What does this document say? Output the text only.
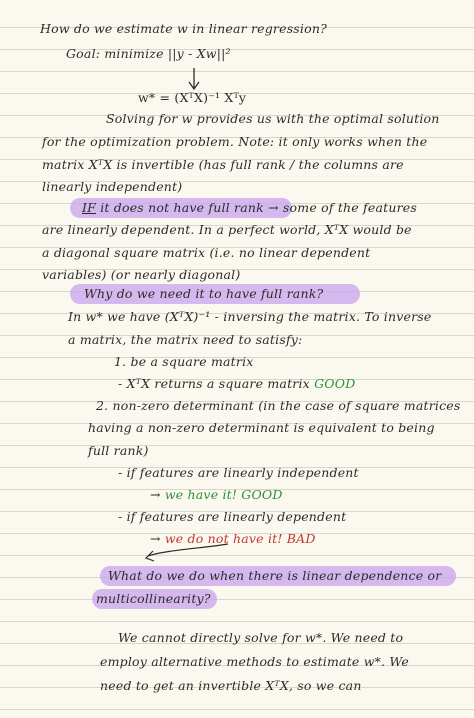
How do we estimate w in linear regression?
Goal: minimize ||y - Xw||²
w* = (XᵀX)⁻¹ Xᵀy
Solving for w provides us with the optimal solution
for the optimization problem. Note: it only works when the
matrix XᵀX is invertible (has full rank / the columns are
linearly independent)
IF it does not have full rank → some of the features
are linearly dependent. In a perfect world, XᵀX would be
a diagonal square matrix (i.e. no linear dependent
variables) (or nearly diagonal)
Why do we need it to have full rank?
In w* we have (XᵀX)⁻¹ - inversing the matrix. To inverse
a matrix, the matrix need to satisfy:
1. be a square matrix
- XᵀX returns a square matrix GOOD
2. non-zero determinant (in the case of square matrices
having a non-zero determinant is equivalent to being
full rank)
- if features are linearly independent
→ we have it! GOOD
- if features are linearly dependent
→ we do not have it! BAD
What do we do when there is linear dependence or
multicollinearity?
We cannot directly solve for w*. We need to
employ alternative methods to estimate w*. We
need to get an invertible XᵀX, so we can
